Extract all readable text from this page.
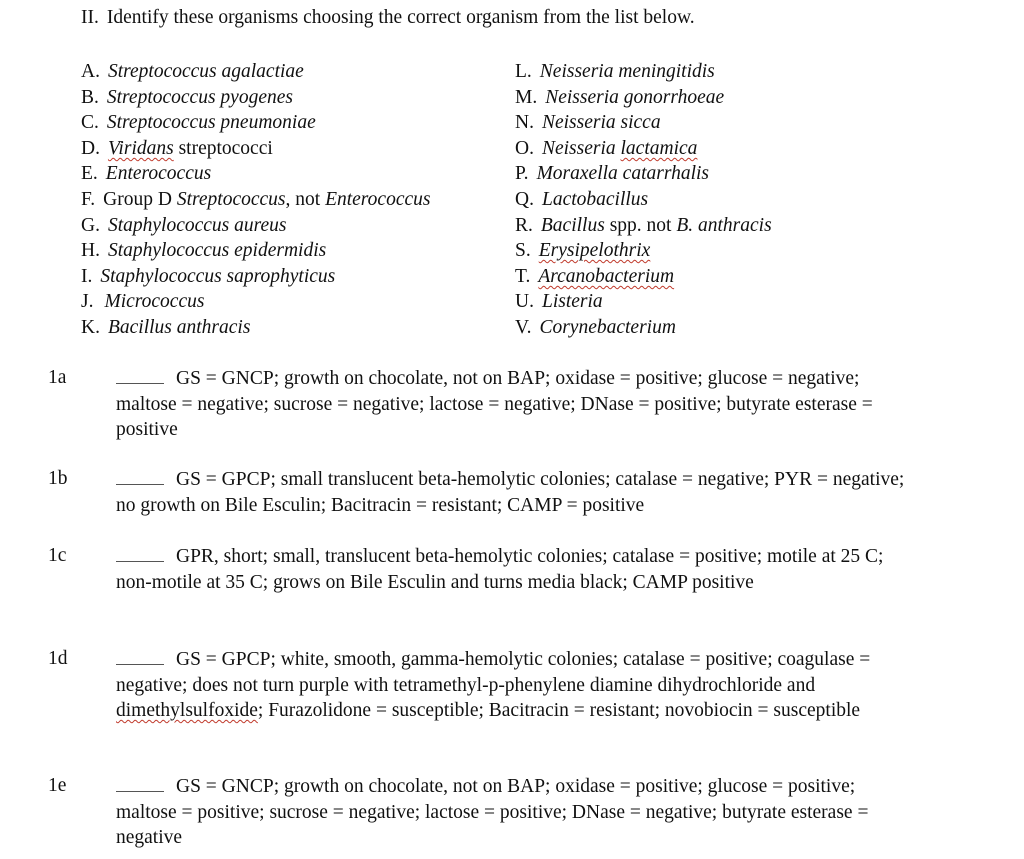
II. Identify these organisms choosing the correct organism from the list below.
A. Streptococcus agalactiae
B. Streptococcus pyogenes
C. Streptococcus pneumoniae
D. Viridans streptococci
E. Enterococcus
F. Group D Streptococcus, not Enterococcus
G. Staphylococcus aureus
H. Staphylococcus epidermidis
I. Staphylococcus saprophyticus
J. Micrococcus
K. Bacillus anthracis
L. Neisseria meningitidis
M. Neisseria gonorrhoeae
N. Neisseria sicca
O. Neisseria lactamica
P. Moraxella catarrhalis
Q. Lactobacillus
R. Bacillus spp. not B. anthracis
S. Erysipelothrix
T. Arcanobacterium
U. Listeria
V. Corynebacterium
1a	GS = GNCP; growth on chocolate, not on BAP; oxidase = positive; glucose = negative; maltose = negative; sucrose = negative; lactose = negative; DNase = positive; butyrate esterase = positive
1b	GS = GPCP; small translucent beta-hemolytic colonies; catalase = negative; PYR = negative; no growth on Bile Esculin; Bacitracin = resistant; CAMP = positive
1c	GPR, short; small, translucent beta-hemolytic colonies; catalase = positive; motile at 25 C; non-motile at 35 C; grows on Bile Esculin and turns media black; CAMP positive
1d	GS = GPCP; white, smooth, gamma-hemolytic colonies; catalase = positive; coagulase = negative; does not turn purple with tetramethyl-p-phenylene diamine dihydrochloride and dimethylsulfoxide; Furazolidone = susceptible; Bacitracin = resistant; novobiocin = susceptible
1e	GS = GNCP; growth on chocolate, not on BAP; oxidase = positive; glucose = positive; maltose = positive; sucrose = negative; lactose = positive; DNase = negative; butyrate esterase = negative
